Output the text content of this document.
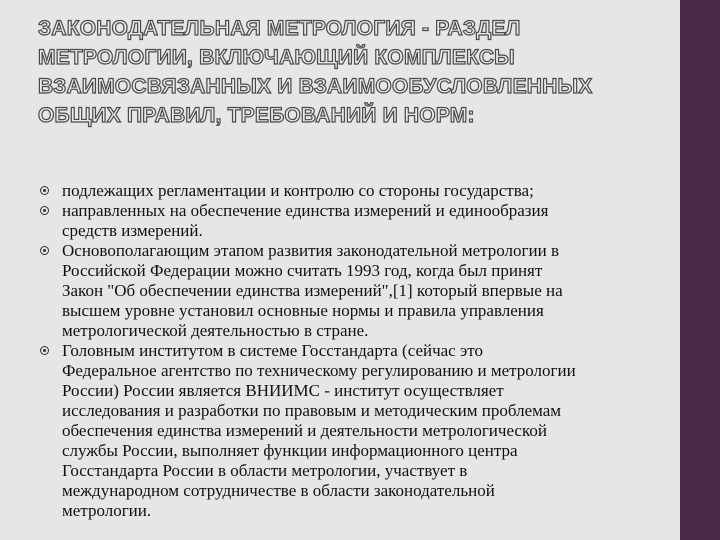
ЗАКОНОДАТЕЛЬНАЯ МЕТРОЛОГИЯ - РАЗДЕЛ
МЕТРОЛОГИИ, ВКЛЮЧАЮЩИЙ КОМПЛЕКСЫ
ВЗАИМОСВЯЗАННЫХ И ВЗАИМООБУСЛОВЛЕННЫХ
ОБЩИХ ПРАВИЛ, ТРЕБОВАНИЙ И НОРМ:
подлежащих регламентации и контролю со стороны государства;
направленных на обеспечение единства измерений и единообразия
средств измерений.
Основополагающим этапом развития законодательной метрологии в
Российской Федерации можно считать 1993 год, когда был принят
Закон "Об обеспечении единства измерений",[1] который впервые на
высшем уровне установил основные нормы и правила управления
метрологической деятельностью в стране.
Головным институтом в системе Госстандарта (сейчас это
Федеральное агентство по техническому регулированию и метрологии
России) России является ВНИИМС - институт осуществляет
исследования и разработки по правовым и методическим проблемам
обеспечения единства измерений и деятельности метрологической
службы России, выполняет функции информационного центра
Госстандарта России в области метрологии, участвует в
международном сотрудничестве в области законодательной
метрологии.
